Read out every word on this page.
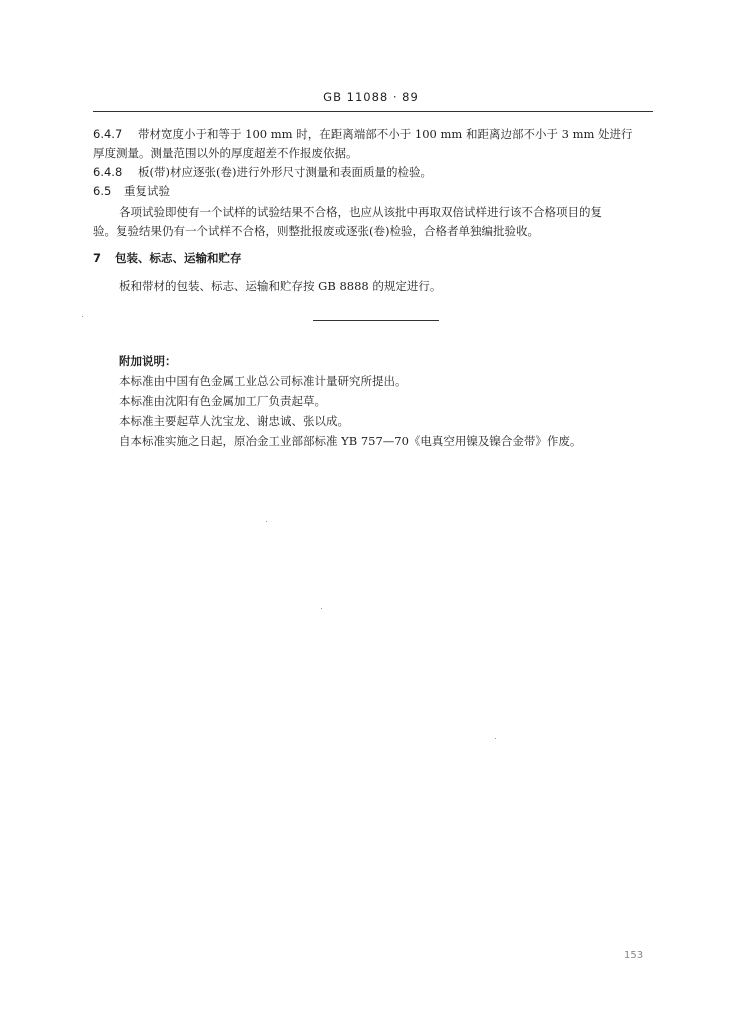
GB 11088 · 89
6.4.7 带材宽度小于和等于 100 mm 时，在距离端部不小于 100 mm 和距离边部不小于 3 mm 处进行
厚度测量。测量范围以外的厚度超差不作报废依据。
6.4.8 板(带)材应逐张(卷)进行外形尺寸测量和表面质量的检验。
6.5 重复试验
各项试验即使有一个试样的试验结果不合格，也应从该批中再取双倍试样进行该不合格项目的复
验。复验结果仍有一个试样不合格，则整批报废或逐张(卷)检验，合格者单独编批验收。
7 包装、标志、运输和贮存
板和带材的包装、标志、运输和贮存按 GB 8888 的规定进行。
附加说明：
本标准由中国有色金属工业总公司标准计量研究所提出。
本标准由沈阳有色金属加工厂负责起草。
本标准主要起草人沈宝龙、谢忠诚、张以成。
自本标准实施之日起，原冶金工业部部标准 YB 757—70《电真空用镍及镍合金带》作废。
153
